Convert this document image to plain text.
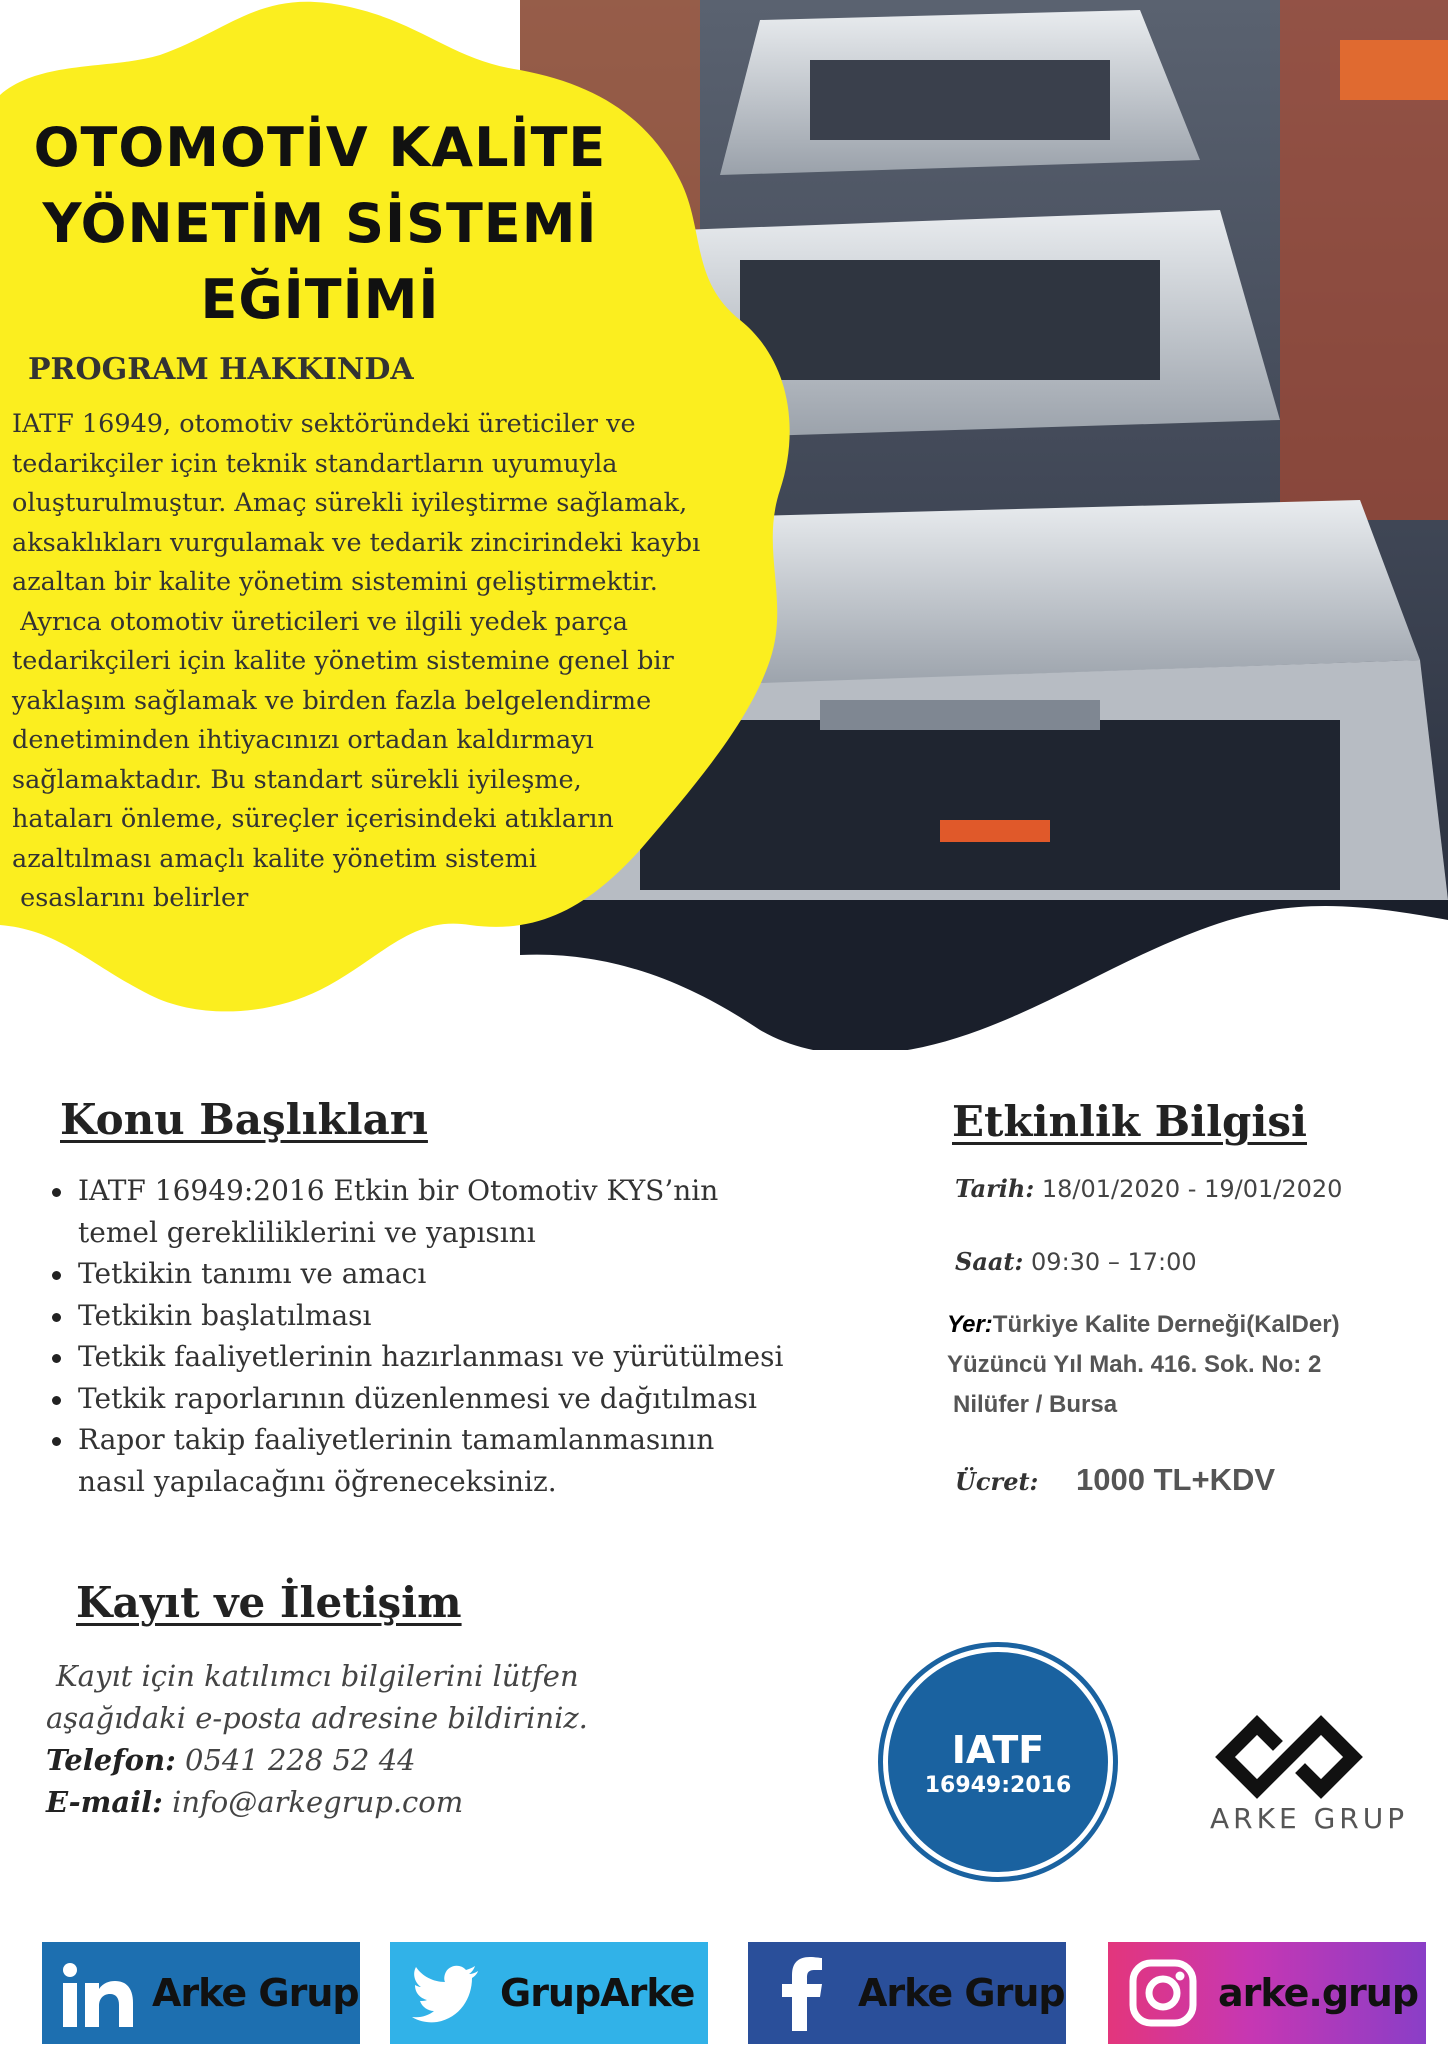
OTOMOTİV KALİTE
YÖNETİM SİSTEMİ
EĞİTİMİ
PROGRAM HAKKINDA

IATF 16949, otomotiv sektöründeki üreticiler ve

tedarikçiler için teknik standartların uyumuyla

oluşturulmuştur. Amaç sürekli iyileştirme sağlamak,

aksaklıkları vurgulamak ve tedarik zincirindeki kaybı

azaltan bir kalite yönetim sistemini geliştirmektir.

Ayrıca otomotiv üreticileri ve ilgili yedek parça

tedarikçileri için kalite yönetim sistemine genel bir

yaklaşım sağlamak ve birden fazla belgelendirme

denetiminden ihtiyacınızı ortadan kaldırmayı

sağlamaktadır. Bu standart sürekli iyileşme,

hataları önleme, süreçler içerisindeki atıkların

azaltılması amaçlı kalite yönetim sistemi

esaslarını belirler

Konu Başlıkları
IATF 16949:2016 Etkin bir Otomotiv KYS’nin
temel gerekliliklerini ve yapısını
Tetkikin tanımı ve amacı
Tetkikin başlatılması
Tetkik faaliyetlerinin hazırlanması ve yürütülmesi
Tetkik raporlarının düzenlenmesi ve dağıtılması
Rapor takip faaliyetlerinin tamamlanmasının
nasıl yapılacağını öğreneceksiniz.
Etkinlik Bilgisi
Tarih: 18/01/2020 - 19/01/2020
Saat: 09:30 – 17:00
Yer:Türkiye Kalite Derneği(KalDer)
Yüzüncü Yıl Mah. 416. Sok. No: 2
Nilüfer / Bursa
Ücret: 1000 TL+KDV
Kayıt ve İletişim
Kayıt için katılımcı bilgilerini lütfen
aşağıdaki e-posta adresine bildiriniz.
Telefon: 0541 228 52 44
E-mail: info@arkegrup.com
IATF
16949:2016
ARKE GRUP
Arke Grup	GrupArke	Arke Grup	arke.grup
